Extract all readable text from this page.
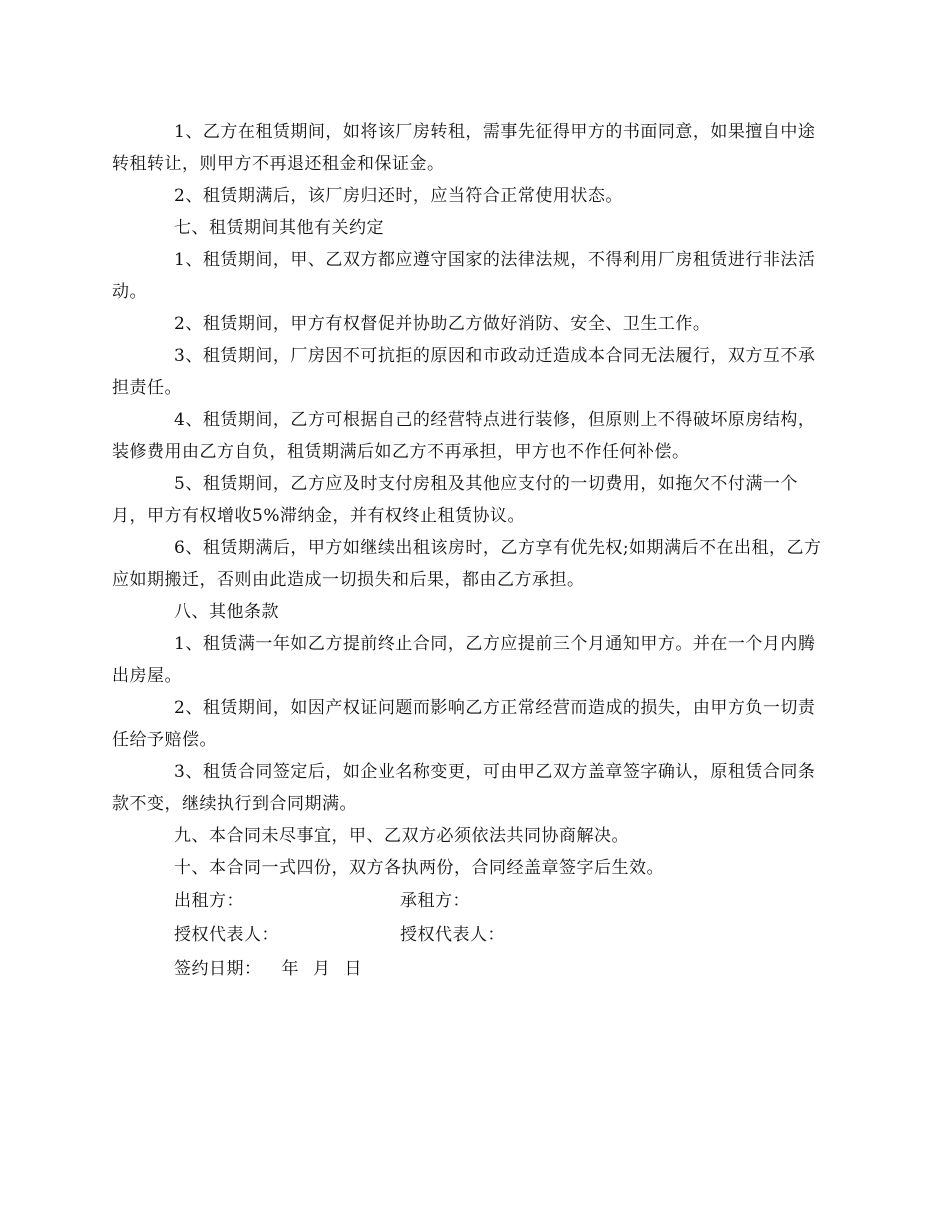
1、乙方在租赁期间，如将该厂房转租，需事先征得甲方的书面同意，如果擅自中途转租转让，则甲方不再退还租金和保证金。

2、租赁期满后，该厂房归还时，应当符合正常使用状态。

七、租赁期间其他有关约定

1、租赁期间，甲、乙双方都应遵守国家的法律法规，不得利用厂房租赁进行非法活动。

2、租赁期间，甲方有权督促并协助乙方做好消防、安全、卫生工作。

3、租赁期间，厂房因不可抗拒的原因和市政动迁造成本合同无法履行，双方互不承担责任。

4、租赁期间，乙方可根据自己的经营特点进行装修，但原则上不得破坏原房结构，装修费用由乙方自负，租赁期满后如乙方不再承担，甲方也不作任何补偿。

5、租赁期间，乙方应及时支付房租及其他应支付的一切费用，如拖欠不付满一个月，甲方有权增收5%滞纳金，并有权终止租赁协议。

6、租赁期满后，甲方如继续出租该房时，乙方享有优先权;如期满后不在出租，乙方应如期搬迁，否则由此造成一切损失和后果，都由乙方承担。

八、其他条款

1、租赁满一年如乙方提前终止合同，乙方应提前三个月通知甲方。并在一个月内腾出房屋。

2、租赁期间，如因产权证问题而影响乙方正常经营而造成的损失，由甲方负一切责任给予赔偿。

3、租赁合同签定后，如企业名称变更，可由甲乙双方盖章签字确认，原租赁合同条款不变，继续执行到合同期满。

九、本合同未尽事宜，甲、乙双方必须依法共同协商解决。

十、本合同一式四份，双方各执两份，合同经盖章签字后生效。

出租方：	承租方：
授权代表人：	授权代表人：
签约日期： 年 月 日
